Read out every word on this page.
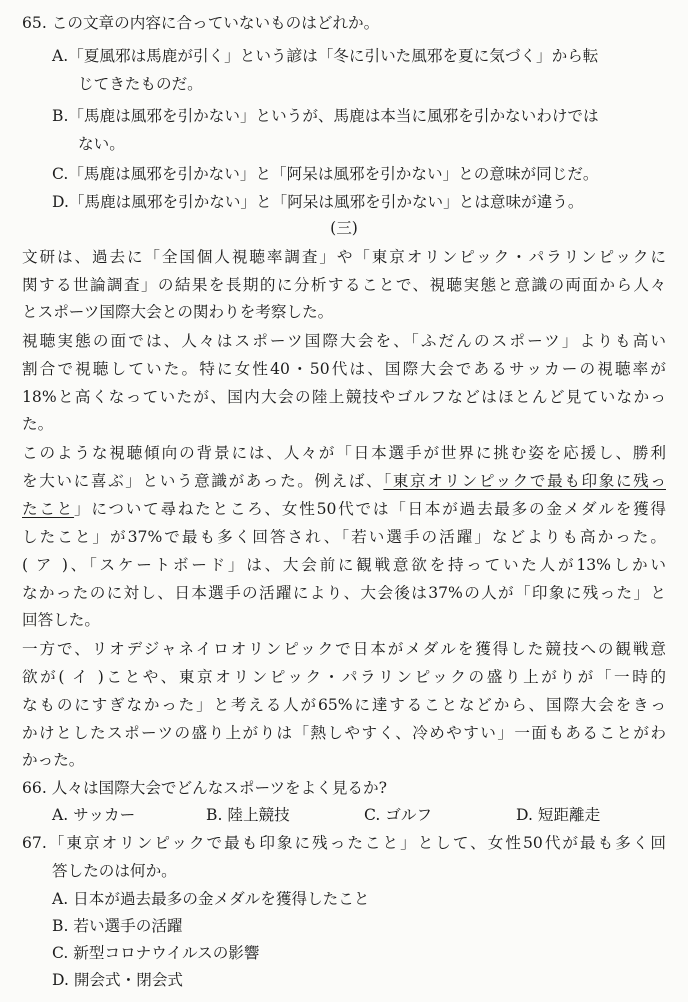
65. この文章の内容に合っていないものはどれか。
A.「夏風邪は馬鹿が引く」という諺は「冬に引いた風邪を夏に気づく」から転
じてきたものだ。
B.「馬鹿は風邪を引かない」というが、馬鹿は本当に風邪を引かないわけでは
ない。
C.「馬鹿は風邪を引かない」と「阿呆は風邪を引かない」との意味が同じだ。
D.「馬鹿は風邪を引かない」と「阿呆は風邪を引かない」とは意味が違う。
(三)
文研は、過去に「全国個人視聴率調査」や「東京オリンピック・パラリンピックに
関する世論調査」の結果を長期的に分析することで、視聴実態と意識の両面から人々
とスポーツ国際大会との関わりを考察した。
視聴実態の面では、人々はスポーツ国際大会を、「ふだんのスポーツ」よりも高い
割合で視聴していた。特に女性40・50代は、国際大会であるサッカーの視聴率が
18%と高くなっていたが、国内大会の陸上競技やゴルフなどはほとんど見ていなかっ
た。
このような視聴傾向の背景には、人々が「日本選手が世界に挑む姿を応援し、勝利
を大いに喜ぶ」という意識があった。例えば、「東京オリンピックで最も印象に残っ
たこと」について尋ねたところ、女性50代では「日本が過去最多の金メダルを獲得
したこと」が37%で最も多く回答され、「若い選手の活躍」などよりも高かった。
( ア )、「スケートボード」は、大会前に観戦意欲を持っていた人が13%しかい
なかったのに対し、日本選手の活躍により、大会後は37%の人が「印象に残った」と
回答した。
一方で、リオデジャネイロオリンピックで日本がメダルを獲得した競技への観戦意
欲が( イ )ことや、東京オリンピック・パラリンピックの盛り上がりが「一時的
なものにすぎなかった」と考える人が65%に達することなどから、国際大会をきっ
かけとしたスポーツの盛り上がりは「熱しやすく、冷めやすい」一面もあることがわ
かった。
66. 人々は国際大会でどんなスポーツをよく見るか?
A. サッカー	B. 陸上競技	C. ゴルフ	D. 短距離走
67.「東京オリンピックで最も印象に残ったこと」として、女性50代が最も多く回
答したのは何か。
A. 日本が過去最多の金メダルを獲得したこと
B. 若い選手の活躍
C. 新型コロナウイルスの影響
D. 開会式・閉会式
